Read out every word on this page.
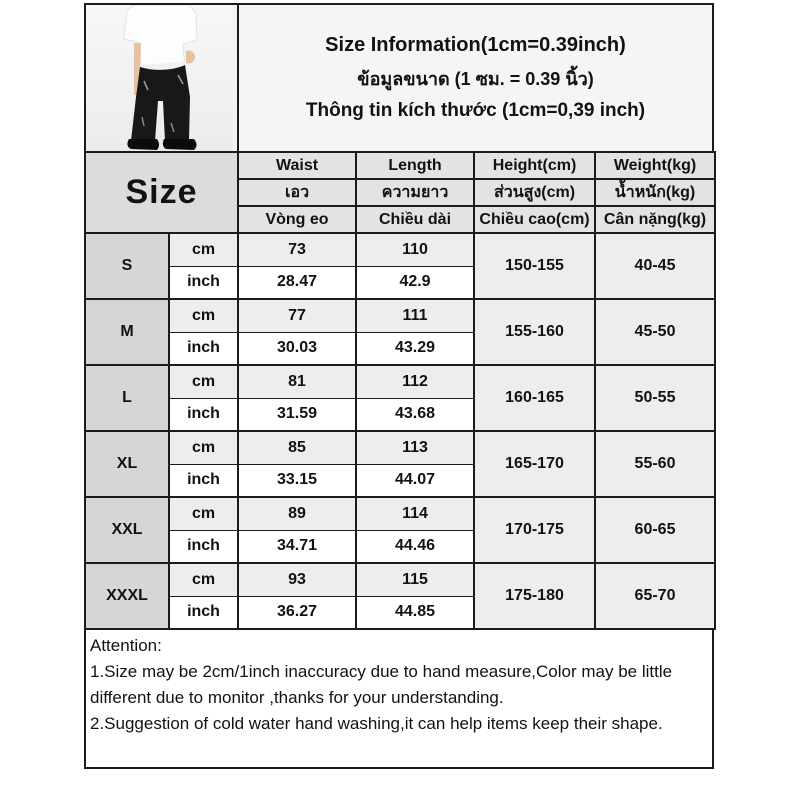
Size Information(1cm=0.39inch)
ข้อมูลขนาด (1 ซม. = 0.39 นิ้ว)
Thông tin kích thước (1cm=0,39 inch)
Size		Waist	Length	Height(cm)	Weight(kg)
		เอว	ความยาว	ส่วนสูง(cm)	น้ำหนัก(kg)
		Vòng eo	Chiều dài	Chiều cao(cm)	Cân nặng(kg)
S	cm	73	110	150-155	40-45
	inch	28.47	42.9		
M	cm	77	111	155-160	45-50
	inch	30.03	43.29		
L	cm	81	112	160-165	50-55
	inch	31.59	43.68		
XL	cm	85	113	165-170	55-60
	inch	33.15	44.07		
XXL	cm	89	114	170-175	60-65
	inch	34.71	44.46		
XXXL	cm	93	115	175-180	65-70
	inch	36.27	44.85		

Attention:

1.Size may be 2cm/1inch inaccuracy due to hand measure,Color may be little different due to monitor ,thanks for your understanding.

2.Suggestion of cold water hand washing,it can help items keep their shape.
